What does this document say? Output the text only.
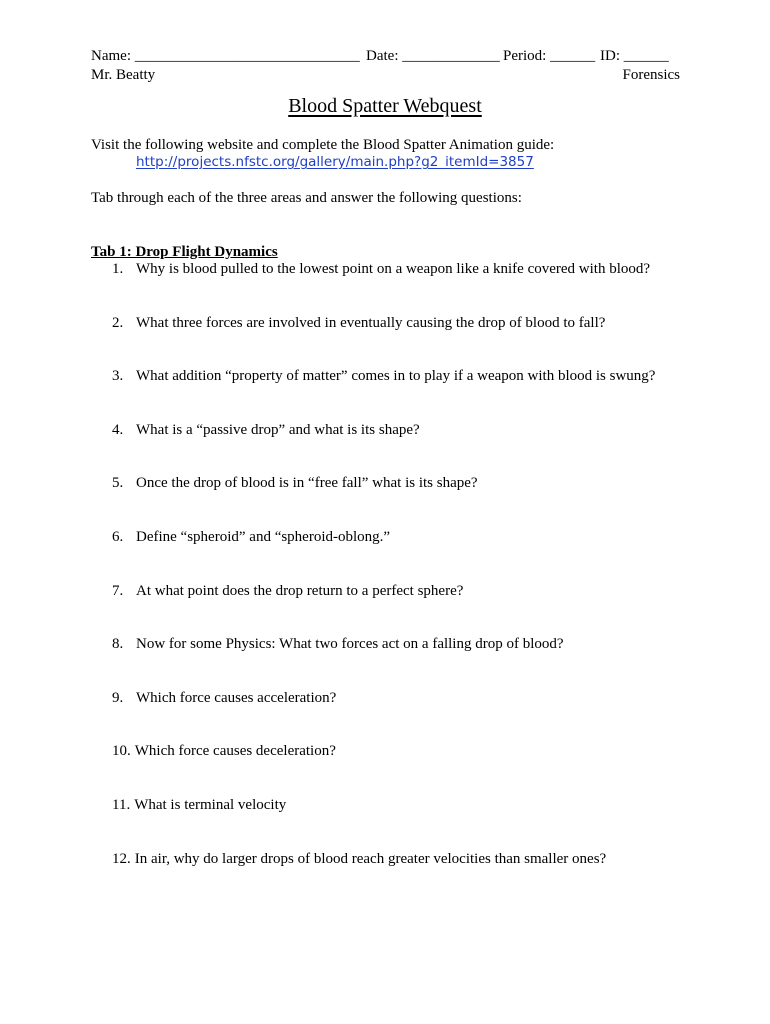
Name: ______________________________ Date: _____________ Period: ______ ID: ______
Mr. Beatty	Forensics
Blood Spatter Webquest
Visit the following website and complete the Blood Spatter Animation guide:
http://projects.nfstc.org/gallery/main.php?g2_itemId=3857
Tab through each of the three areas and answer the following questions:
Tab 1: Drop Flight Dynamics
1. Why is blood pulled to the lowest point on a weapon like a knife covered with blood?
2. What three forces are involved in eventually causing the drop of blood to fall?
3. What addition “property of matter” comes in to play if a weapon with blood is swung?
4. What is a “passive drop” and what is its shape?
5. Once the drop of blood is in “free fall” what is its shape?
6. Define “spheroid” and “spheroid-oblong.”
7. At what point does the drop return to a perfect sphere?
8. Now for some Physics: What two forces act on a falling drop of blood?
9. Which force causes acceleration?
10. Which force causes deceleration?
11. What is terminal velocity
12. In air, why do larger drops of blood reach greater velocities than smaller ones?
